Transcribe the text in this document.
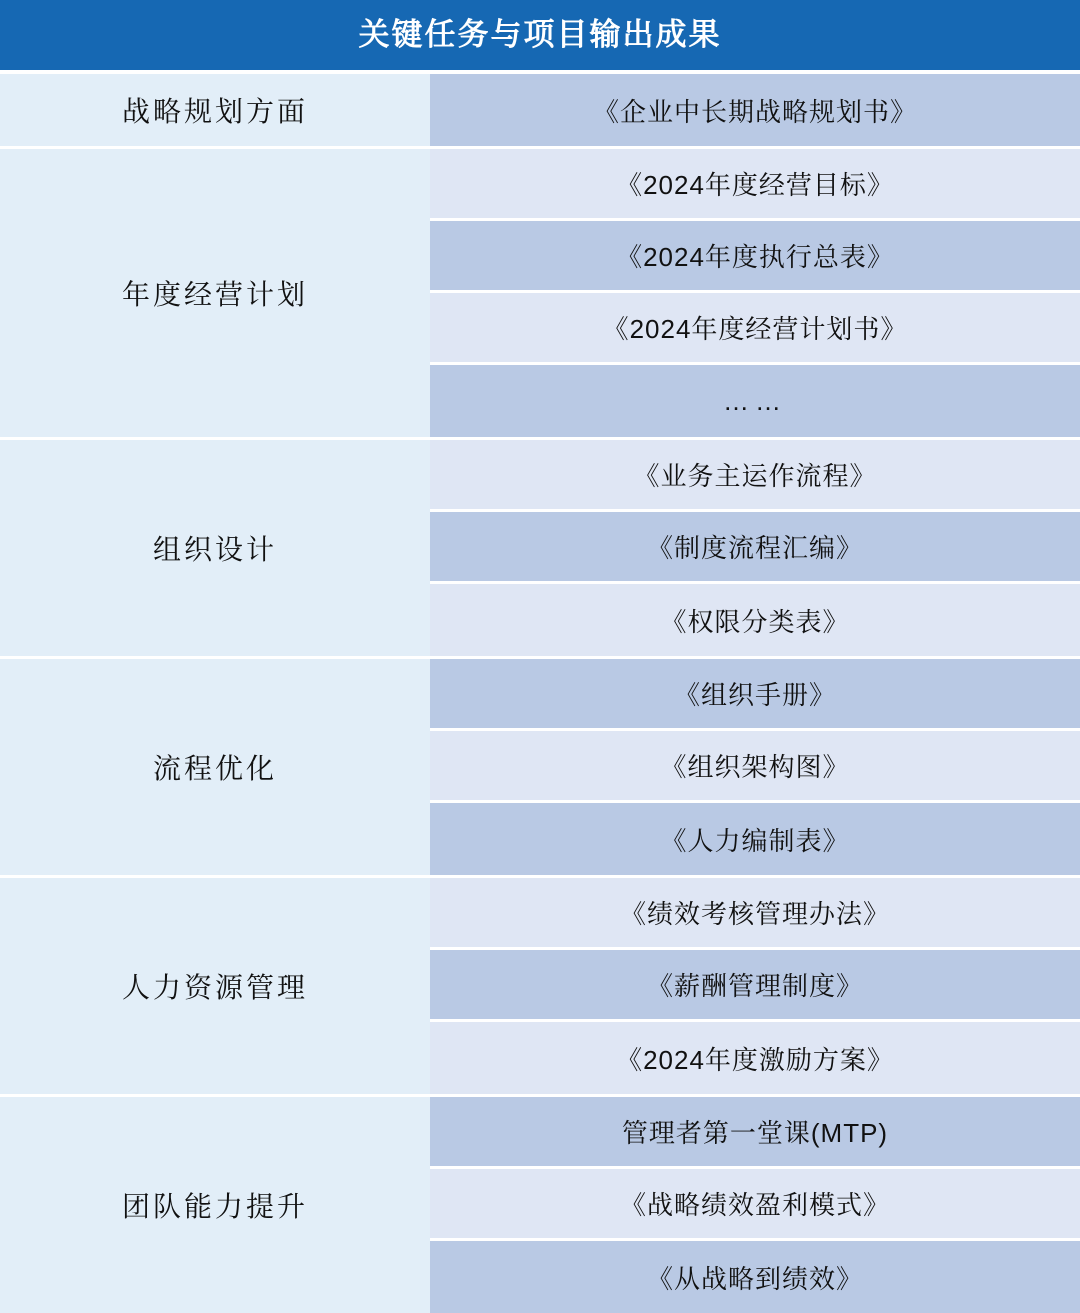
关键任务与项目输出成果
战略规划方面	《企业中长期战略规划书》
年度经营计划
《2024年度经营目标》
《2024年度执行总表》
《2024年度经营计划书》
……
组织设计
《业务主运作流程》
《制度流程汇编》
《权限分类表》
流程优化
《组织手册》
《组织架构图》
《人力编制表》
人力资源管理
《绩效考核管理办法》
《薪酬管理制度》
《2024年度激励方案》
团队能力提升
管理者第一堂课(MTP)
《战略绩效盈利模式》
《从战略到绩效》
